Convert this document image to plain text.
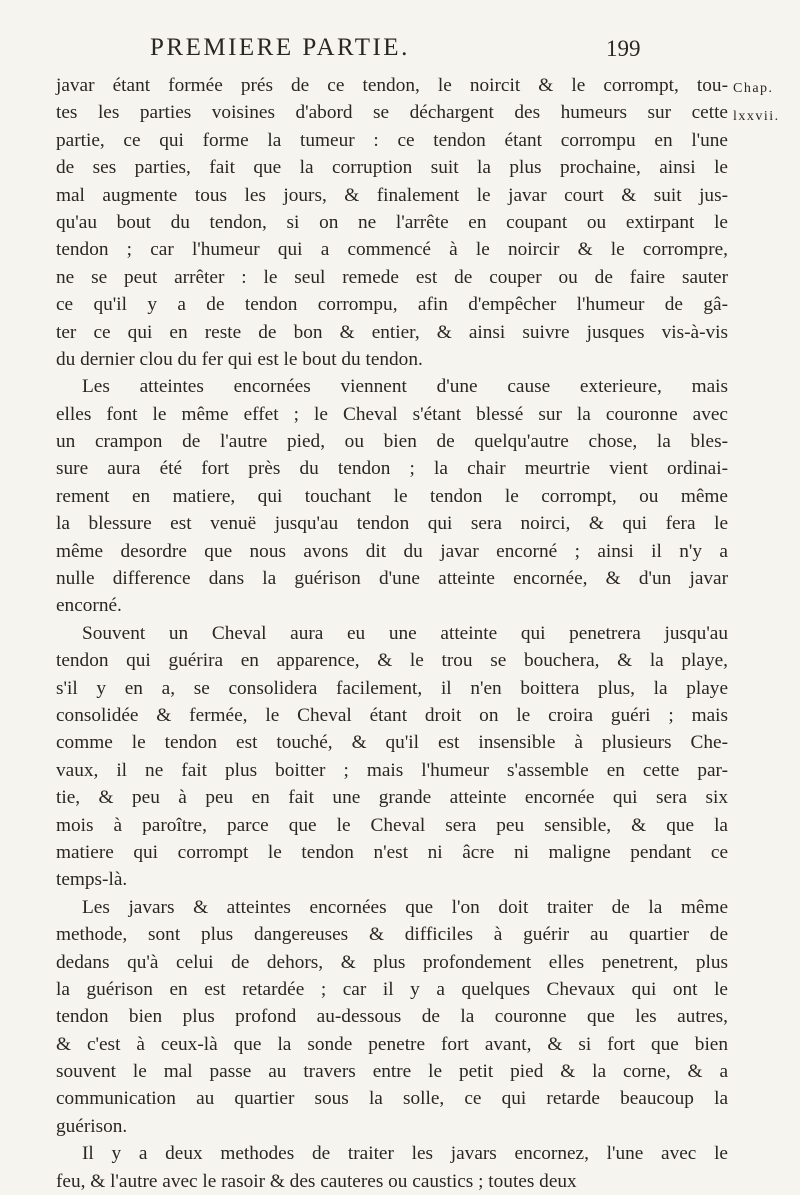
PREMIERE PARTIE.	199
Chap.
lxxvii.
javar étant formée prés de ce tendon, le noircit & le corrompt, tou-
tes les parties voisines d'abord se déchargent des humeurs sur cette
partie, ce qui forme la tumeur : ce tendon étant corrompu en l'une
de ses parties, fait que la corruption suit la plus prochaine, ainsi le
mal augmente tous les jours, & finalement le javar court & suit jus-
qu'au bout du tendon, si on ne l'arrête en coupant ou extirpant le
tendon ; car l'humeur qui a commencé à le noircir & le corrompre,
ne se peut arrêter : le seul remede est de couper ou de faire sauter
ce qu'il y a de tendon corrompu, afin d'empêcher l'humeur de gâ-
ter ce qui en reste de bon & entier, & ainsi suivre jusques vis-à-vis
du dernier clou du fer qui est le bout du tendon.
Les atteintes encornées viennent d'une cause exterieure, mais
elles font le même effet ; le Cheval s'étant blessé sur la couronne avec
un crampon de l'autre pied, ou bien de quelqu'autre chose, la bles-
sure aura été fort près du tendon ; la chair meurtrie vient ordinai-
rement en matiere, qui touchant le tendon le corrompt, ou même
la blessure est venuë jusqu'au tendon qui sera noirci, & qui fera le
même desordre que nous avons dit du javar encorné ; ainsi il n'y a
nulle difference dans la guérison d'une atteinte encornée, & d'un javar
encorné.
Souvent un Cheval aura eu une atteinte qui penetrera jusqu'au
tendon qui guérira en apparence, & le trou se bouchera, & la playe,
s'il y en a, se consolidera facilement, il n'en boittera plus, la playe
consolidée & fermée, le Cheval étant droit on le croira guéri ; mais
comme le tendon est touché, & qu'il est insensible à plusieurs Che-
vaux, il ne fait plus boitter ; mais l'humeur s'assemble en cette par-
tie, & peu à peu en fait une grande atteinte encornée qui sera six
mois à paroître, parce que le Cheval sera peu sensible, & que la
matiere qui corrompt le tendon n'est ni âcre ni maligne pendant ce
temps-là.
Les javars & atteintes encornées que l'on doit traiter de la même
methode, sont plus dangereuses & difficiles à guérir au quartier de
dedans qu'à celui de dehors, & plus profondement elles penetrent, plus
la guérison en est retardée ; car il y a quelques Chevaux qui ont le
tendon bien plus profond au-dessous de la couronne que les autres,
& c'est à ceux-là que la sonde penetre fort avant, & si fort que bien
souvent le mal passe au travers entre le petit pied & la corne, & a
communication au quartier sous la solle, ce qui retarde beaucoup la
guérison.
Il y a deux methodes de traiter les javars encornez, l'une avec le
feu, & l'autre avec le rasoir & des cauteres ou caustics ; toutes deux
